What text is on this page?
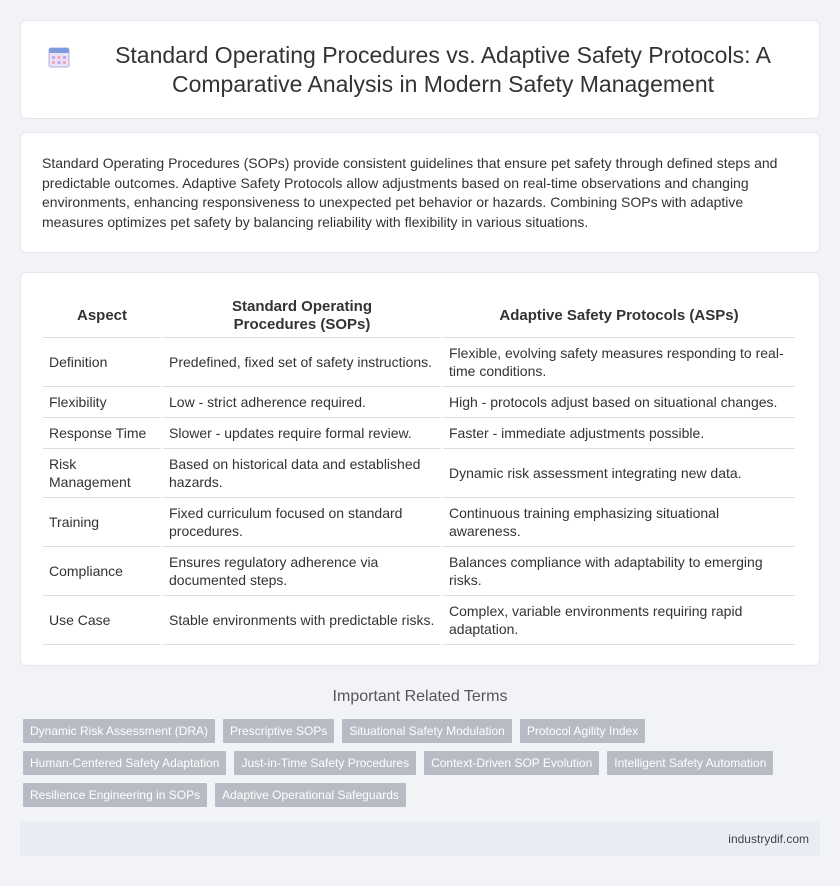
Standard Operating Procedures vs. Adaptive Safety Protocols: A Comparative Analysis in Modern Safety Management

Standard Operating Procedures (SOPs) provide consistent guidelines that ensure pet safety through defined steps and predictable outcomes. Adaptive Safety Protocols allow adjustments based on real-time observations and changing environments, enhancing responsiveness to unexpected pet behavior or hazards. Combining SOPs with adaptive measures optimizes pet safety by balancing reliability with flexibility in various situations.

Aspect	Standard Operating Procedures (SOPs)	Adaptive Safety Protocols (ASPs)
Definition	Predefined, fixed set of safety instructions.	Flexible, evolving safety measures responding to real-time conditions.
Flexibility	Low - strict adherence required.	High - protocols adjust based on situational changes.
Response Time	Slower - updates require formal review.	Faster - immediate adjustments possible.
Risk Management	Based on historical data and established hazards.	Dynamic risk assessment integrating new data.
Training	Fixed curriculum focused on standard procedures.	Continuous training emphasizing situational awareness.
Compliance	Ensures regulatory adherence via documented steps.	Balances compliance with adaptability to emerging risks.
Use Case	Stable environments with predictable risks.	Complex, variable environments requiring rapid adaptation.
Important Related Terms
Dynamic Risk Assessment (DRA)	Prescriptive SOPs	Situational Safety Modulation	Protocol Agility Index
Human-Centered Safety Adaptation	Just-in-Time Safety Procedures	Context-Driven SOP Evolution	Intelligent Safety Automation
Resilience Engineering in SOPs	Adaptive Operational Safeguards
industrydif.com
